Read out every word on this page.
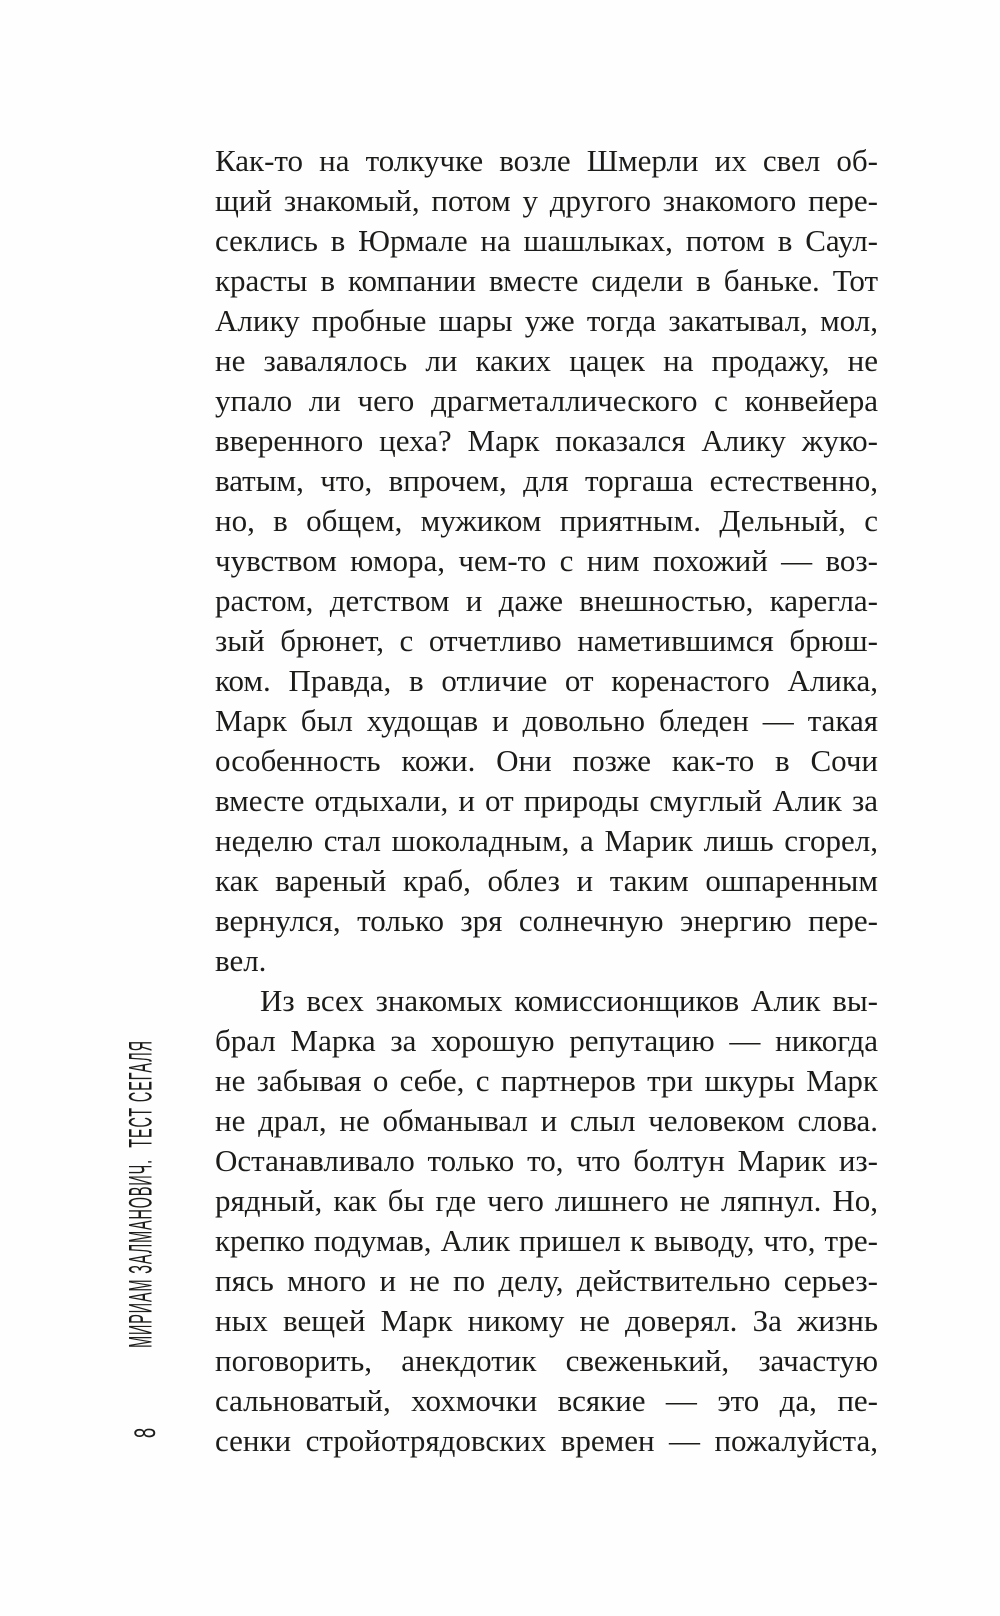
МИРИАМ ЗАЛМАНОВИЧ.ТЕСТ СЕГАЛЯ
8
Как-то на толкучке возле Шмерли их свел об-
щий знакомый, потом у другого знакомого пере-
секлись в Юрмале на шашлыках, потом в Саул-
красты в компании вместе сидели в баньке. Тот
Алику пробные шары уже тогда закатывал, мол,
не завалялось ли каких цацек на продажу, не
упало ли чего драгметаллического с конвейера
вверенного цеха? Марк показался Алику жуко-
ватым, что, впрочем, для торгаша естественно,
но, в общем, мужиком приятным. Дельный, с
чувством юмора, чем-то с ним похожий — воз-
растом, детством и даже внешностью, карегла-
зый брюнет, с отчетливо наметившимся брюш-
ком. Правда, в отличие от коренастого Алика,
Марк был худощав и довольно бледен — такая
особенность кожи. Они позже как-то в Сочи
вместе отдыхали, и от природы смуглый Алик за
неделю стал шоколадным, а Марик лишь сгорел,
как вареный краб, облез и таким ошпаренным
вернулся, только зря солнечную энергию пере-
вел.
Из всех знакомых комиссионщиков Алик вы-
брал Марка за хорошую репутацию — никогда
не забывая о себе, с партнеров три шкуры Марк
не драл, не обманывал и слыл человеком слова.
Останавливало только то, что болтун Марик из-
рядный, как бы где чего лишнего не ляпнул. Но,
крепко подумав, Алик пришел к выводу, что, тре-
пясь много и не по делу, действительно серьез-
ных вещей Марк никому не доверял. За жизнь
поговорить, анекдотик свеженький, зачастую
сальноватый, хохмочки всякие — это да, пе-
сенки стройотрядовских времен — пожалуйста,
